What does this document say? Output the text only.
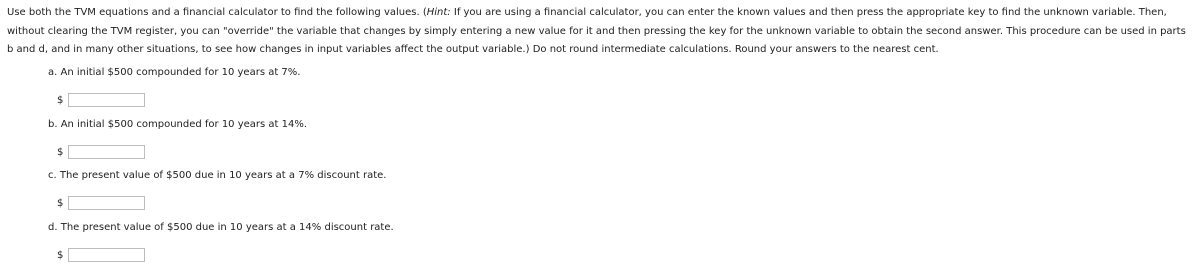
Use both the TVM equations and a financial calculator to find the following values. (Hint: If you are using a financial calculator, you can enter the known values and then press the appropriate key to find the unknown variable. Then, without clearing the TVM register, you can "override" the variable that changes by simply entering a new value for it and then pressing the key for the unknown variable to obtain the second answer. This procedure can be used in parts b and d, and in many other situations, to see how changes in input variables affect the output variable.) Do not round intermediate calculations. Round your answers to the nearest cent.

a. An initial $500 compounded for 10 years at 7%.
$
b. An initial $500 compounded for 10 years at 14%.
$
c. The present value of $500 due in 10 years at a 7% discount rate.
$
d. The present value of $500 due in 10 years at a 14% discount rate.
$
